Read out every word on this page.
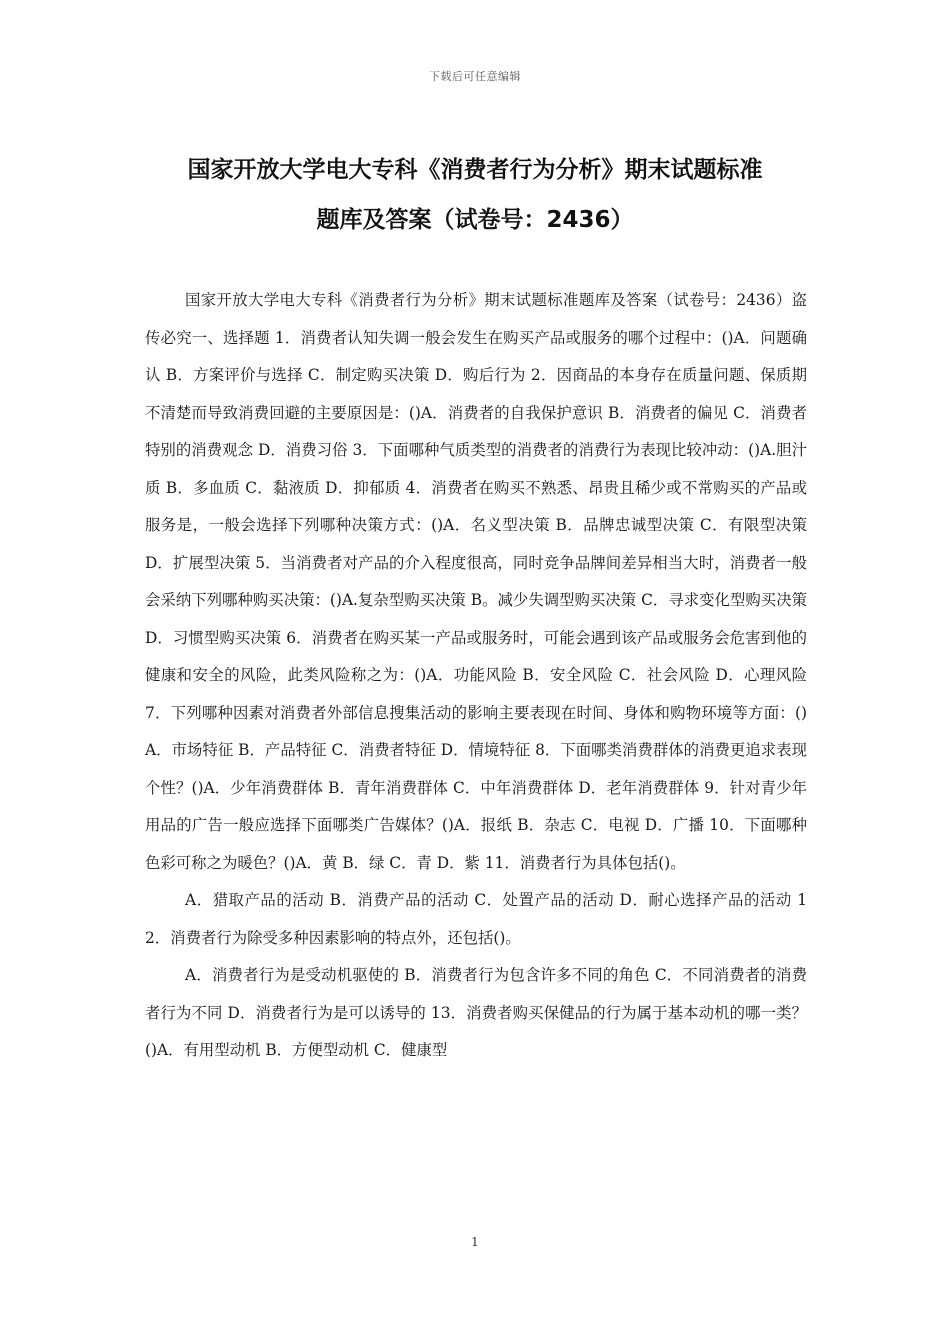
下载后可任意编辑
国家开放大学电大专科《消费者行为分析》期末试题标准
题库及答案（试卷号：2436）

国家开放大学电大专科《消费者行为分析》期末试题标准题库及答案（试卷号：2436）盗传必究一、选择题 1．消费者认知失调一般会发生在购买产品或服务的哪个过程中：()A．问题确认 B．方案评价与选择 C．制定购买决策 D．购后行为 2．因商品的本身存在质量问题、保质期不清楚而导致消费回避的主要原因是：()A．消费者的自我保护意识 B．消费者的偏见 C．消费者特别的消费观念 D．消费习俗 3．下面哪种气质类型的消费者的消费行为表现比较冲动：()A.胆汁质 B．多血质 C．黏液质 D．抑郁质 4．消费者在购买不熟悉、昂贵且稀少或不常购买的产品或服务是，一般会选择下列哪种决策方式：()A．名义型决策 B．品牌忠诚型决策 C．有限型决策 D．扩展型决策 5．当消费者对产品的介入程度很高，同时竞争品牌间差异相当大时，消费者一般会采纳下列哪种购买决策：()A.复杂型购买决策 B。减少失调型购买决策 C．寻求变化型购买决策 D．习惯型购买决策 6．消费者在购买某一产品或服务时，可能会遇到该产品或服务会危害到他的健康和安全的风险，此类风险称之为：()A．功能风险 B．安全风险 C．社会风险 D．心理风险 7．下列哪种因素对消费者外部信息搜集活动的影响主要表现在时间、身体和购物环境等方面：()A．市场特征 B．产品特征 C．消费者特征 D．情境特征 8．下面哪类消费群体的消费更追求表现个性？()A．少年消费群体 B．青年消费群体 C．中年消费群体 D．老年消费群体 9．针对青少年用品的广告一般应选择下面哪类广告媒体？()A．报纸 B．杂志 C．电视 D．广播 10．下面哪种色彩可称之为暖色？()A．黄 B．绿 C．青 D．紫 11．消费者行为具体包括()。

A．猎取产品的活动 B．消费产品的活动 C．处置产品的活动 D．耐心选择产品的活动 12．消费者行为除受多种因素影响的特点外，还包括()。

A．消费者行为是受动机驱使的 B．消费者行为包含许多不同的角色 C．不同消费者的消费者行为不同 D．消费者行为是可以诱导的 13．消费者购买保健品的行为属于基本动机的哪一类？()A．有用型动机 B．方便型动机 C．健康型

1
